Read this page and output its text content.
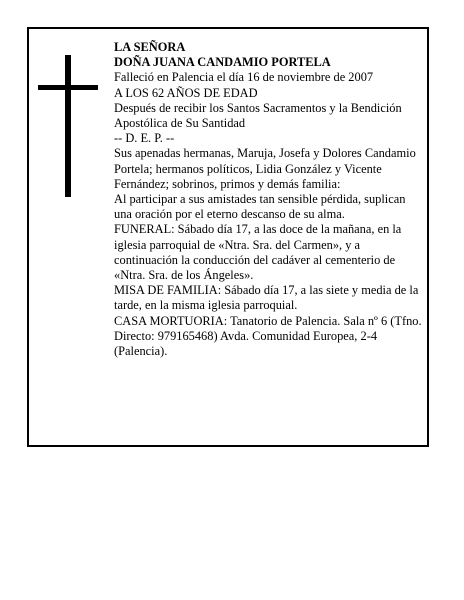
LA SEÑORA

DOÑA JUANA CANDAMIO PORTELA

Falleció en Palencia el día 16 de noviembre de 2007

A LOS 62 AÑOS DE EDAD

Después de recibir los Santos Sacramentos y la Bendición Apostólica de Su Santidad

-- D. E. P. --

Sus apenadas hermanas, Maruja, Josefa y Dolores Candamio Portela; hermanos políticos, Lidia González y Vicente Fernández; sobrinos, primos y demás familia:

Al participar a sus amistades tan sensible pérdida, suplican una oración por el eterno descanso de su alma.

FUNERAL: Sábado día 17, a las doce de la mañana, en la iglesia parroquial de «Ntra. Sra. del Carmen», y a continuación la conducción del cadáver al cementerio de «Ntra. Sra. de los Ángeles».

MISA DE FAMILIA: Sábado día 17, a las siete y media de la tarde, en la misma iglesia parroquial.

CASA MORTUORIA: Tanatorio de Palencia. Sala nº 6 (Tfno. Directo: 979165468) Avda. Comunidad Europea, 2-4 (Palencia).
